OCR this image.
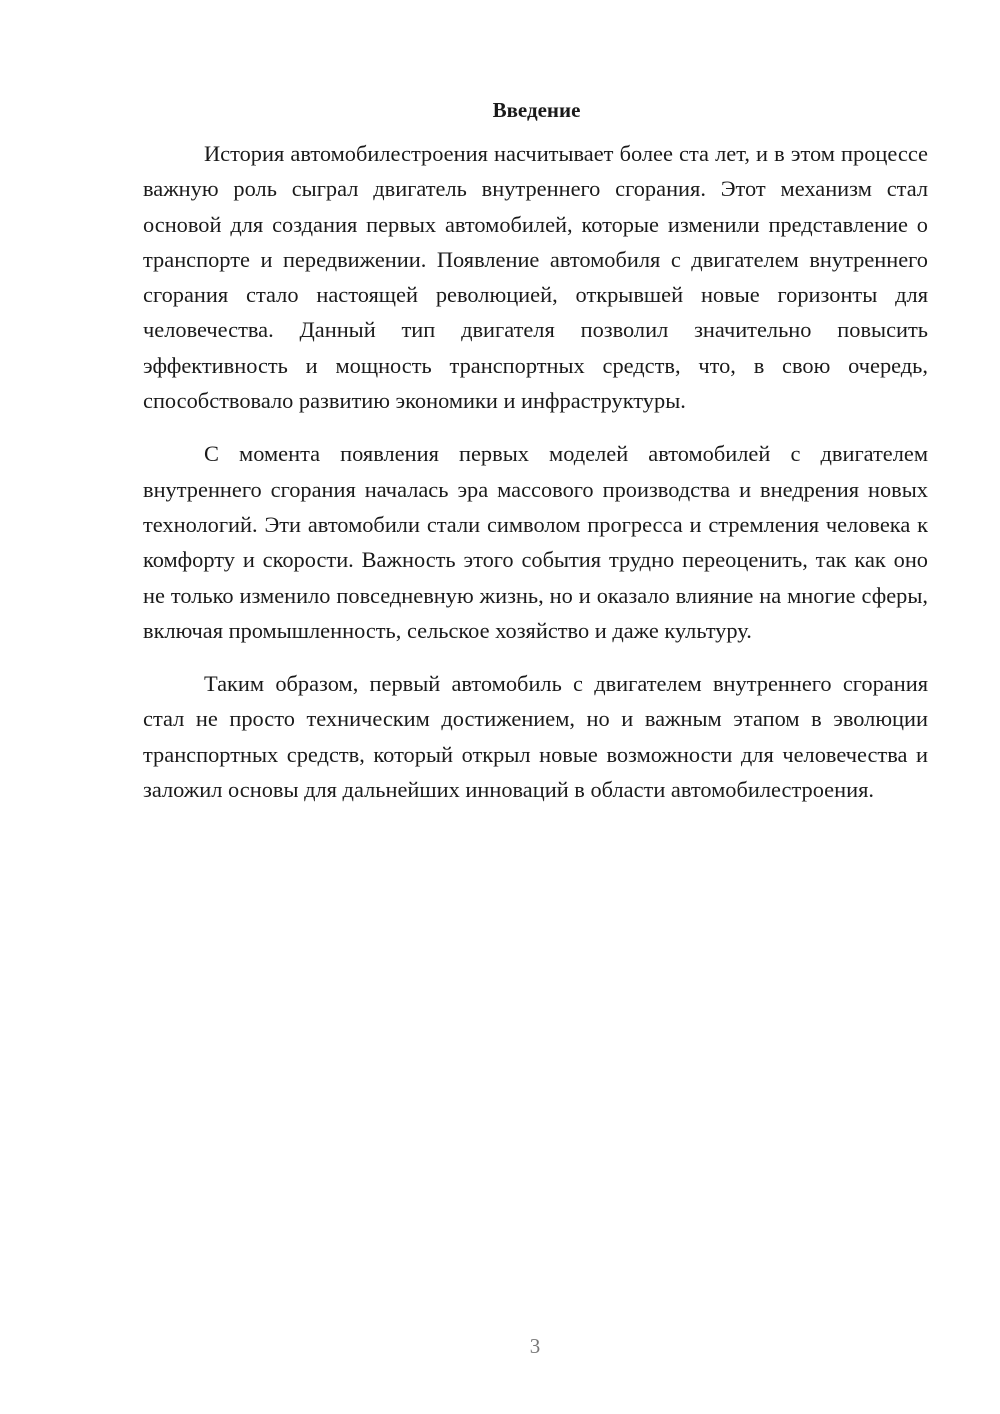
Введение

История автомобилестроения насчитывает более ста лет, и в этом процессе важную роль сыграл двигатель внутреннего сгорания. Этот механизм стал основой для создания первых автомобилей, которые изменили представление о транспорте и передвижении. Появление автомобиля с двигателем внутреннего сгорания стало настоящей революцией, открывшей новые горизонты для человечества. Данный тип двигателя позволил значительно повысить эффективность и мощность транспортных средств, что, в свою очередь, способствовало развитию экономики и инфраструктуры.

С момента появления первых моделей автомобилей с двигателем внутреннего сгорания началась эра массового производства и внедрения новых технологий. Эти автомобили стали символом прогресса и стремления человека к комфорту и скорости. Важность этого события трудно переоценить, так как оно не только изменило повседневную жизнь, но и оказало влияние на многие сферы, включая промышленность, сельское хозяйство и даже культуру.

Таким образом, первый автомобиль с двигателем внутреннего сгорания стал не просто техническим достижением, но и важным этапом в эволюции транспортных средств, который открыл новые возможности для человечества и заложил основы для дальнейших инноваций в области автомобилестроения.

3
